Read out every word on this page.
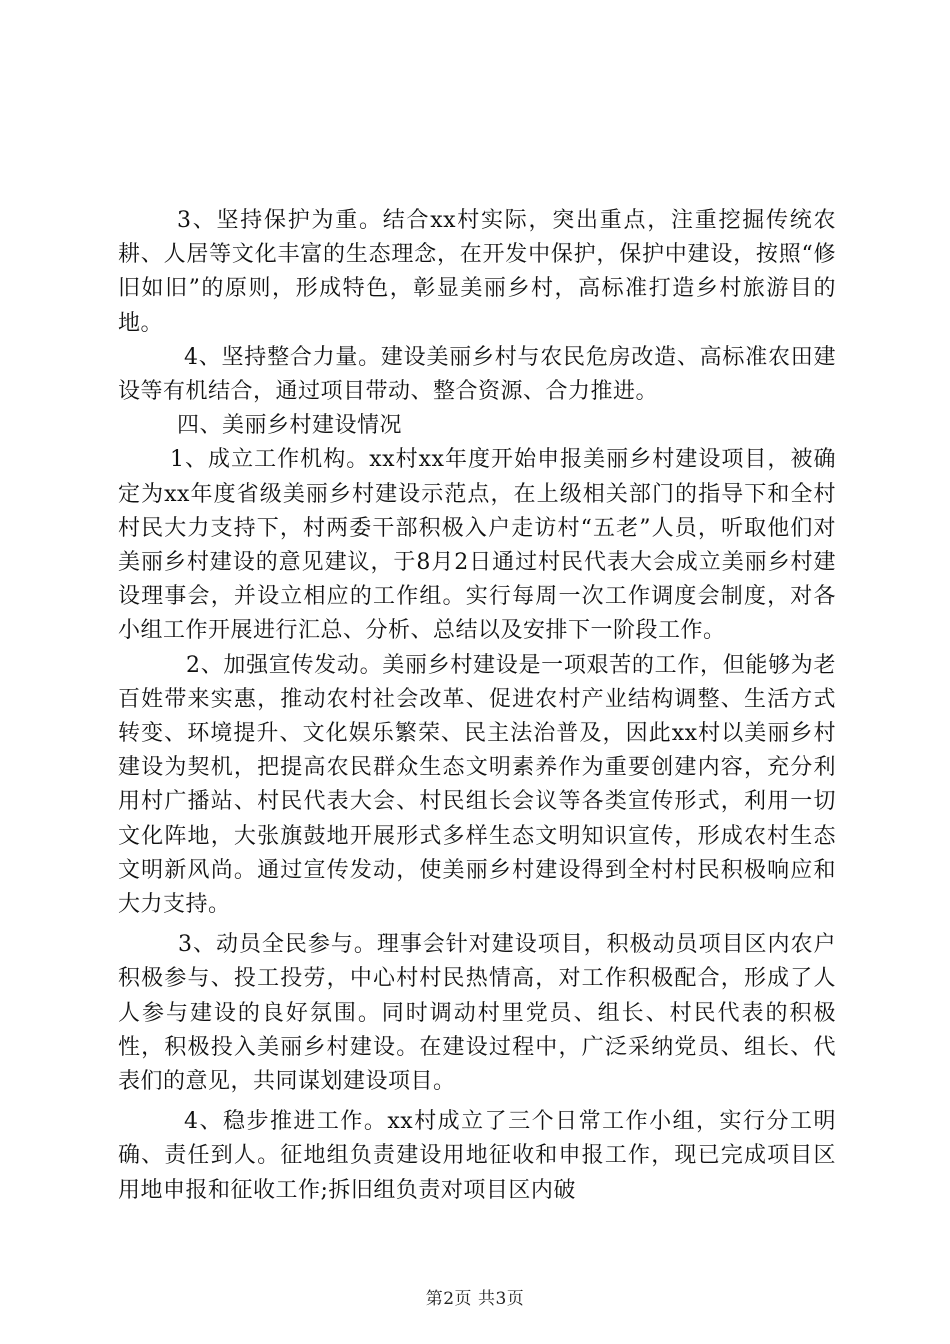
3、坚持保护为重。结合xx村实际，突出重点，注重挖掘传统农耕、人居等文化丰富的生态理念，在开发中保护，保护中建设，按照“修旧如旧”的原则，形成特色，彰显美丽乡村，高标准打造乡村旅游目的地。

4、坚持整合力量。建设美丽乡村与农民危房改造、高标准农田建设等有机结合，通过项目带动、整合资源、合力推进。

四、美丽乡村建设情况

1、成立工作机构。xx村xx年度开始申报美丽乡村建设项目，被确定为xx年度省级美丽乡村建设示范点，在上级相关部门的指导下和全村村民大力支持下，村两委干部积极入户走访村“五老”人员，听取他们对美丽乡村建设的意见建议，于8月2日通过村民代表大会成立美丽乡村建设理事会，并设立相应的工作组。实行每周一次工作调度会制度，对各小组工作开展进行汇总、分析、总结以及安排下一阶段工作。

2、加强宣传发动。美丽乡村建设是一项艰苦的工作，但能够为老百姓带来实惠，推动农村社会改革、促进农村产业结构调整、生活方式转变、环境提升、文化娱乐繁荣、民主法治普及，因此xx村以美丽乡村建设为契机，把提高农民群众生态文明素养作为重要创建内容，充分利用村广播站、村民代表大会、村民组长会议等各类宣传形式，利用一切文化阵地，大张旗鼓地开展形式多样生态文明知识宣传，形成农村生态文明新风尚。通过宣传发动，使美丽乡村建设得到全村村民积极响应和大力支持。

3、动员全民参与。理事会针对建设项目，积极动员项目区内农户积极参与、投工投劳，中心村村民热情高，对工作积极配合，形成了人人参与建设的良好氛围。同时调动村里党员、组长、村民代表的积极性，积极投入美丽乡村建设。在建设过程中，广泛采纳党员、组长、代表们的意见，共同谋划建设项目。

4、稳步推进工作。xx村成立了三个日常工作小组，实行分工明确、责任到人。征地组负责建设用地征收和申报工作，现已完成项目区用地申报和征收工作;拆旧组负责对项目区内破

第2页 共3页
